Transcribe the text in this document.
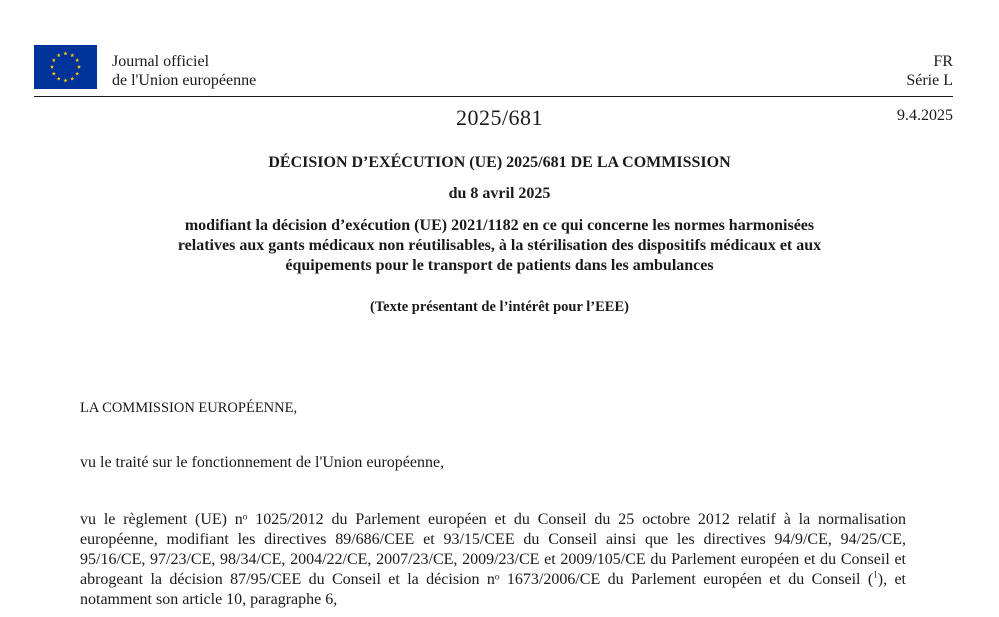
Journal officiel
de l'Union européenne
FR
Série L
2025/681	9.4.2025
DÉCISION D’EXÉCUTION (UE) 2025/681 DE LA COMMISSION
du 8 avril 2025
modifiant la décision d’exécution (UE) 2021/1182 en ce qui concerne les normes harmonisées
relatives aux gants médicaux non réutilisables, à la stérilisation des dispositifs médicaux et aux
équipements pour le transport de patients dans les ambulances
(Texte présentant de l’intérêt pour l’EEE)
LA COMMISSION EUROPÉENNE,
vu le traité sur le fonctionnement de l'Union européenne,
vu le règlement (UE) nᵒ 1025/2012 du Parlement européen et du Conseil du 25 octobre 2012 relatif à la normalisation européenne, modifiant les directives 89/686/CEE et 93/15/CEE du Conseil ainsi que les directives 94/9/CE, 94/25/CE, 95/16/CE, 97/23/CE, 98/34/CE, 2004/22/CE, 2007/23/CE, 2009/23/CE et 2009/105/CE du Parlement européen et du Conseil et abrogeant la décision 87/95/CEE du Conseil et la décision nᵒ 1673/2006/CE du Parlement européen et du Conseil ($^1$), et notamment son article 10, paragraphe 6,
